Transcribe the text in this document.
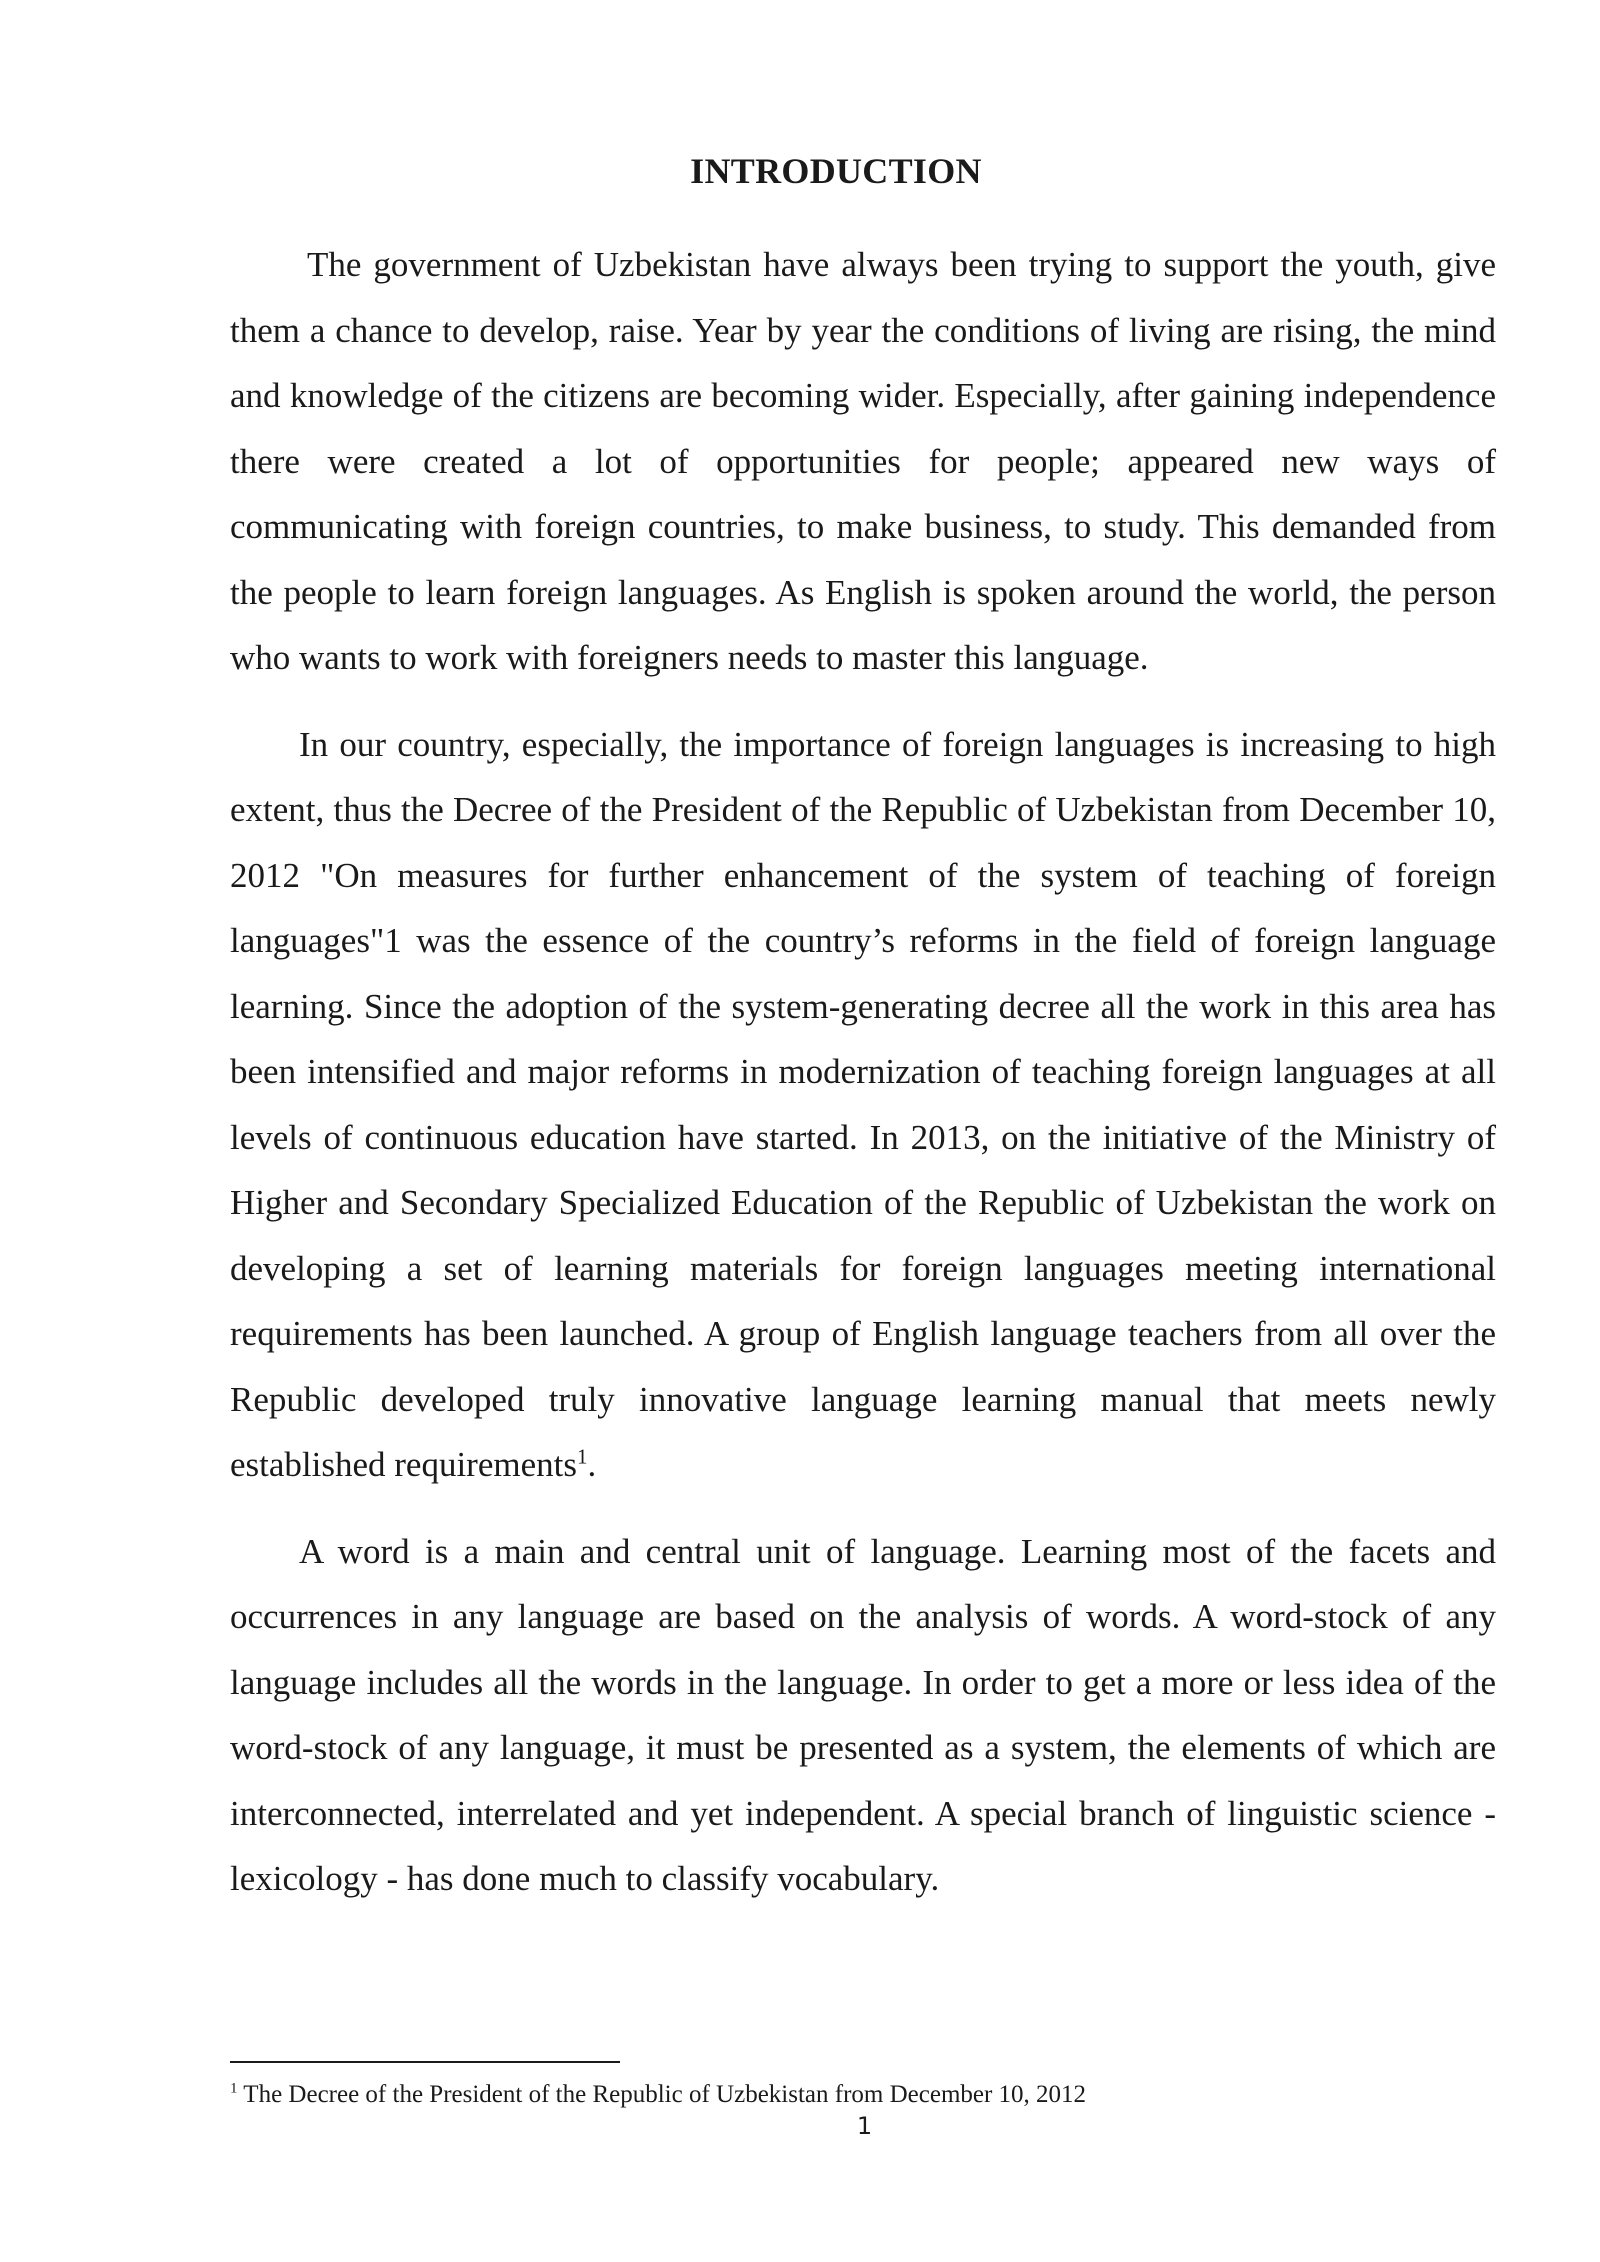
INTRODUCTION

The government of Uzbekistan have always been trying to support the youth, give them a chance to develop, raise. Year by year the conditions of living are rising, the mind and knowledge of the citizens are becoming wider. Especially, after gaining independence there were created a lot of opportunities for people; appeared new ways of communicating with foreign countries, to make business, to study. This demanded from the people to learn foreign languages. As English is spoken around the world, the person who wants to work with foreigners needs to master this language.

In our country, especially, the importance of foreign languages is increasing to high extent, thus the Decree of the President of the Republic of Uzbekistan from December 10, 2012 "On measures for further enhancement of the system of teaching of foreign languages"1 was the essence of the country’s reforms in the field of foreign language learning. Since the adoption of the system-generating decree all the work in this area has been intensified and major reforms in modernization of teaching foreign languages at all levels of continuous education have started. In 2013, on the initiative of the Ministry of Higher and Secondary Specialized Education of the Republic of Uzbekistan the work on developing a set of learning materials for foreign languages meeting international requirements has been launched. A group of English language teachers from all over the Republic developed truly innovative language learning manual that meets newly established requirements$^1$.

A word is a main and central unit of language. Learning most of the facets and occurrences in any language are based on the analysis of words. A word-stock of any language includes all the words in the language. In order to get a more or less idea of the word-stock of any language, it must be presented as a system, the elements of which are interconnected, interrelated and yet independent. A special branch of linguistic science - lexicology - has done much to classify vocabulary.

$^1$ The Decree of the President of the Republic of Uzbekistan from December 10, 2012
1
